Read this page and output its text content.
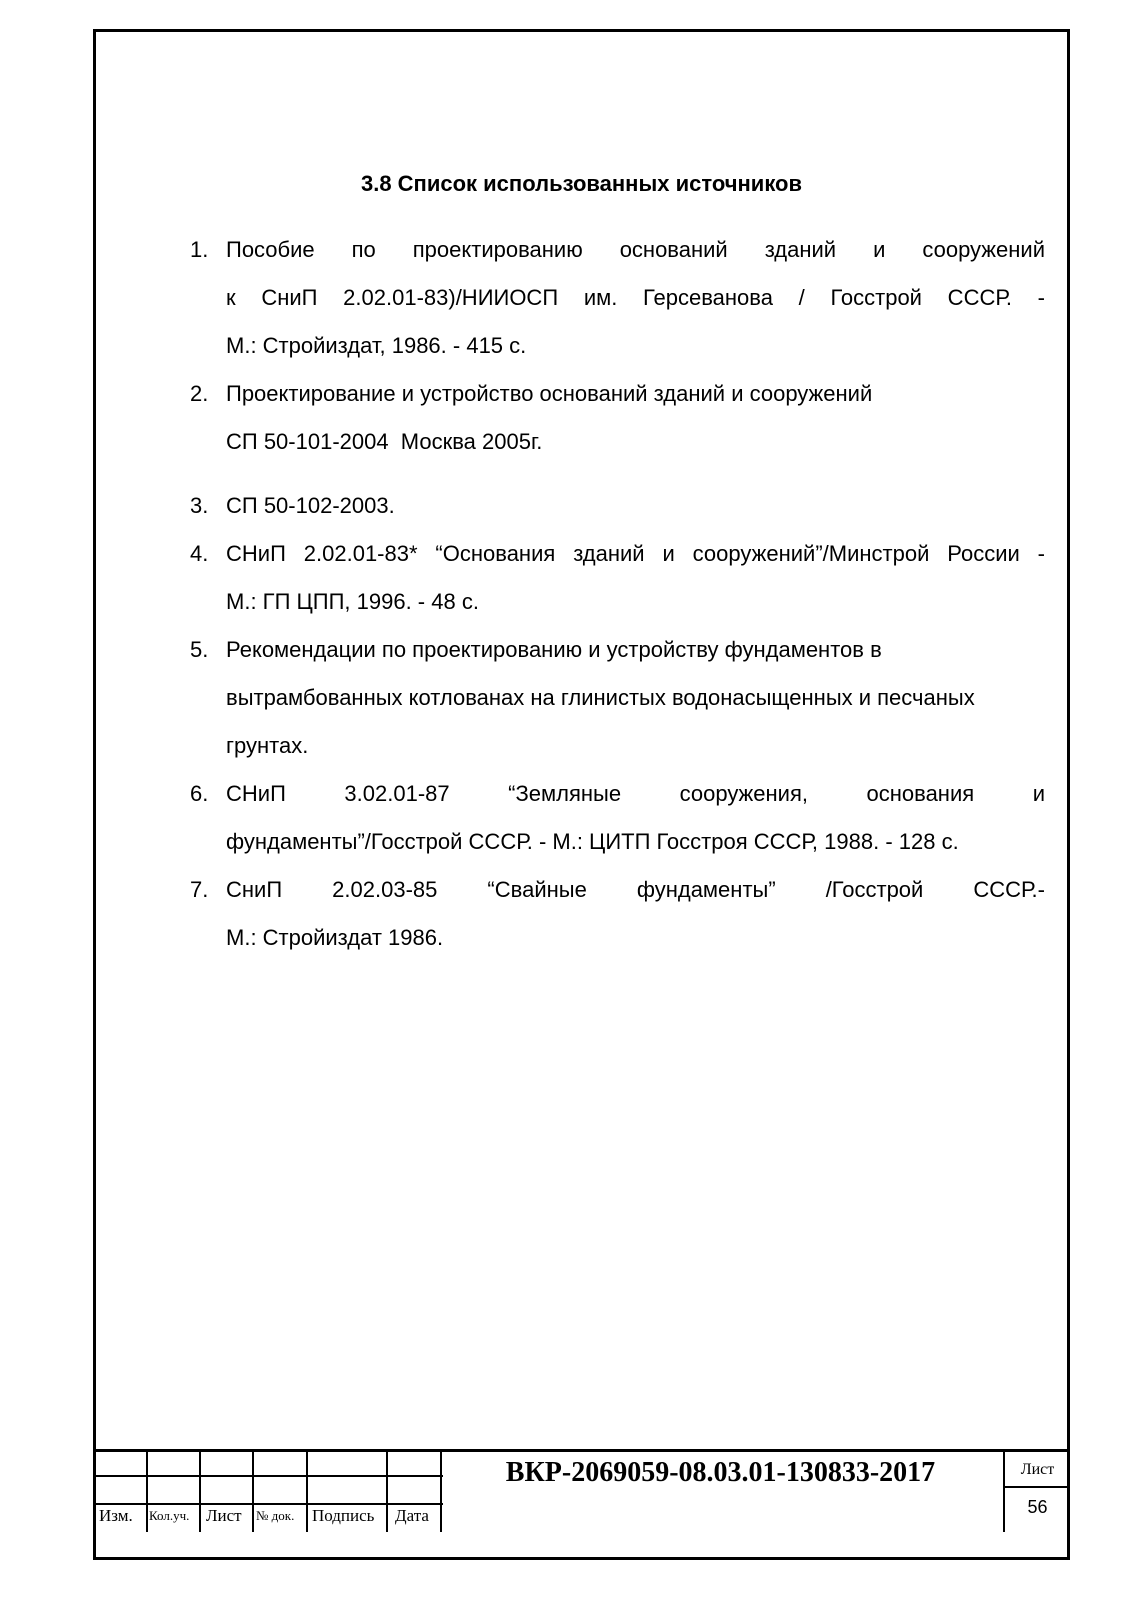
3.8 Список использованных источников
1. Пособие по проектированию оснований зданий и сооружений
к СниП 2.02.01-83)/НИИОСП им. Герсеванова / Госстрой СССР. -
М.: Стройиздат, 1986. - 415 с.
2. Проектирование и устройство оснований зданий и сооружений
СП 50-101-2004  Москва 2005г.
3. СП 50-102-2003.
4. СНиП 2.02.01-83* “Основания зданий и сооружений”/Минстрой России -
М.: ГП ЦПП, 1996. - 48 с.
5. Рекомендации по проектированию и устройству фундаментов в
вытрамбованных котлованах на глинистых водонасыщенных и песчаных
грунтах.
6. СНиП 3.02.01-87 “Земляные сооружения, основания и
фундаменты”/Госстрой СССР. - М.: ЦИТП Госстроя СССР, 1988. - 128 с.
7. СниП 2.02.03-85 “Свайные фундаменты” /Госстрой СССР.-
М.: Стройиздат 1986.
Изм. Кол.уч. Лист № док. Подпись Дата
ВКР-2069059-08.03.01-130833-2017	Лист
56
